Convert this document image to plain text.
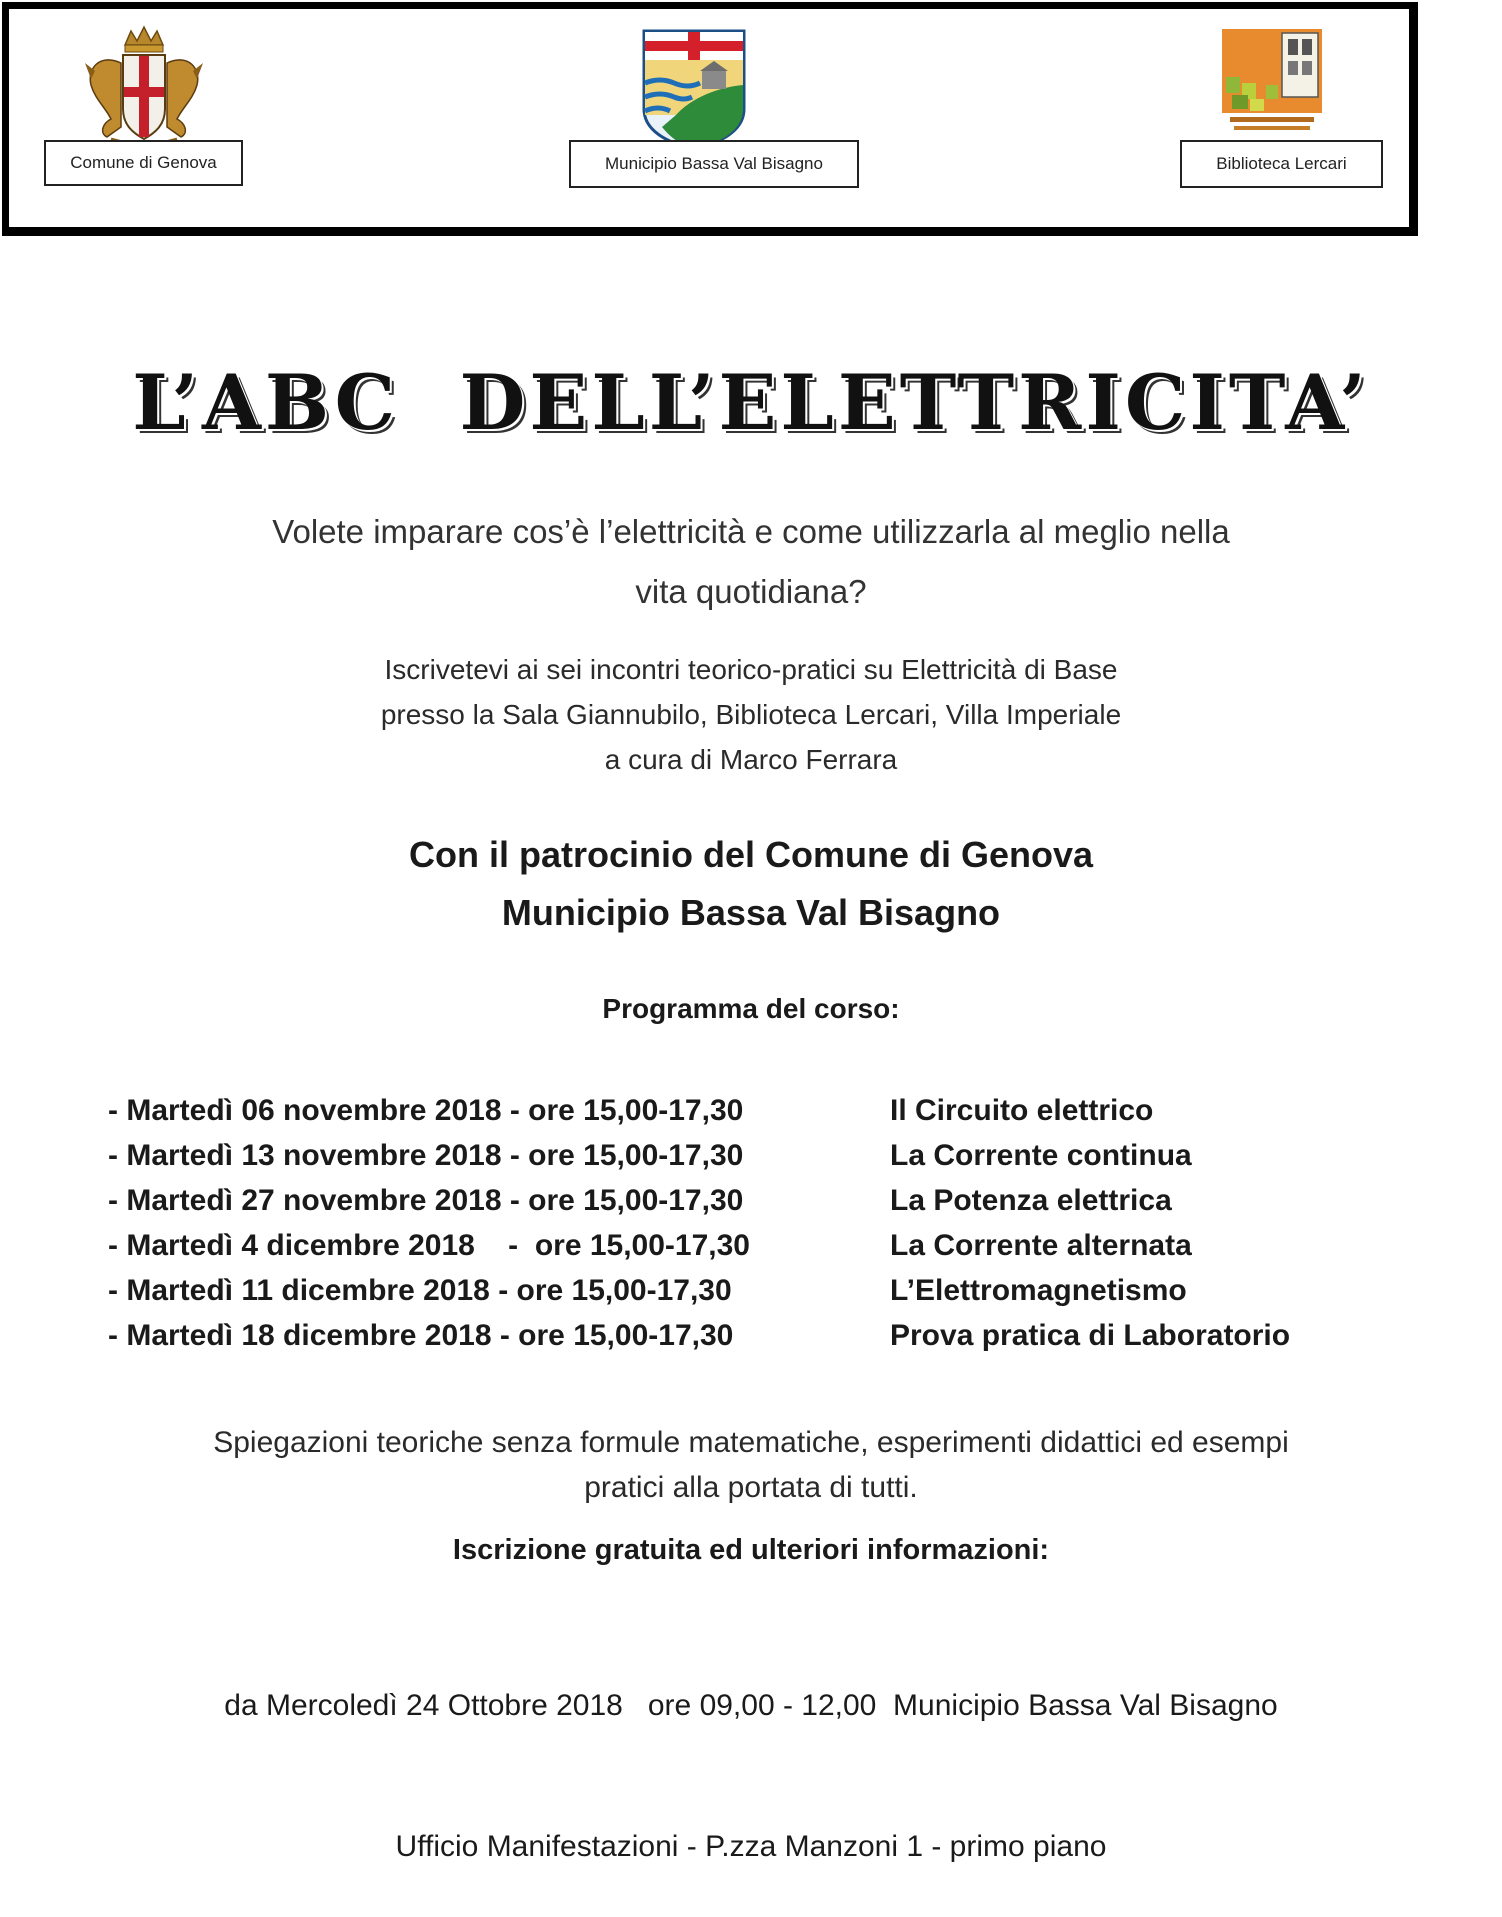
Comune di Genova	Municipio Bassa Val Bisagno	Biblioteca Lercari
L’ABC DELL’ELETTRICITA’
Volete imparare cos’è l’elettricità e come utilizzarla al meglio nella
vita quotidiana?
Iscrivetevi ai sei incontri teorico-pratici su Elettricità di Base
presso la Sala Giannubilo, Biblioteca Lercari, Villa Imperiale
a cura di Marco Ferrara
Con il patrocinio del Comune di Genova
Municipio Bassa Val Bisagno
Programma del corso:
- Martedì 06 novembre 2018 - ore 15,00-17,30	Il Circuito elettrico
- Martedì 13 novembre 2018 - ore 15,00-17,30	La Corrente continua
- Martedì 27 novembre 2018 - ore 15,00-17,30	La Potenza elettrica
- Martedì 4 dicembre 2018    -  ore 15,00-17,30	La Corrente alternata
- Martedì 11 dicembre 2018 - ore 15,00-17,30	L’Elettromagnetismo
- Martedì 18 dicembre 2018 - ore 15,00-17,30	Prova pratica di Laboratorio
Spiegazioni teoriche senza formule matematiche, esperimenti didattici ed esempi
pratici alla portata di tutti.
Iscrizione gratuita ed ulteriori informazioni:

da Mercoledì 24 Ottobre 2018   ore 09,00 - 12,00  Municipio Bassa Val Bisagno

Ufficio Manifestazioni - P.zza Manzoni 1 - primo piano
